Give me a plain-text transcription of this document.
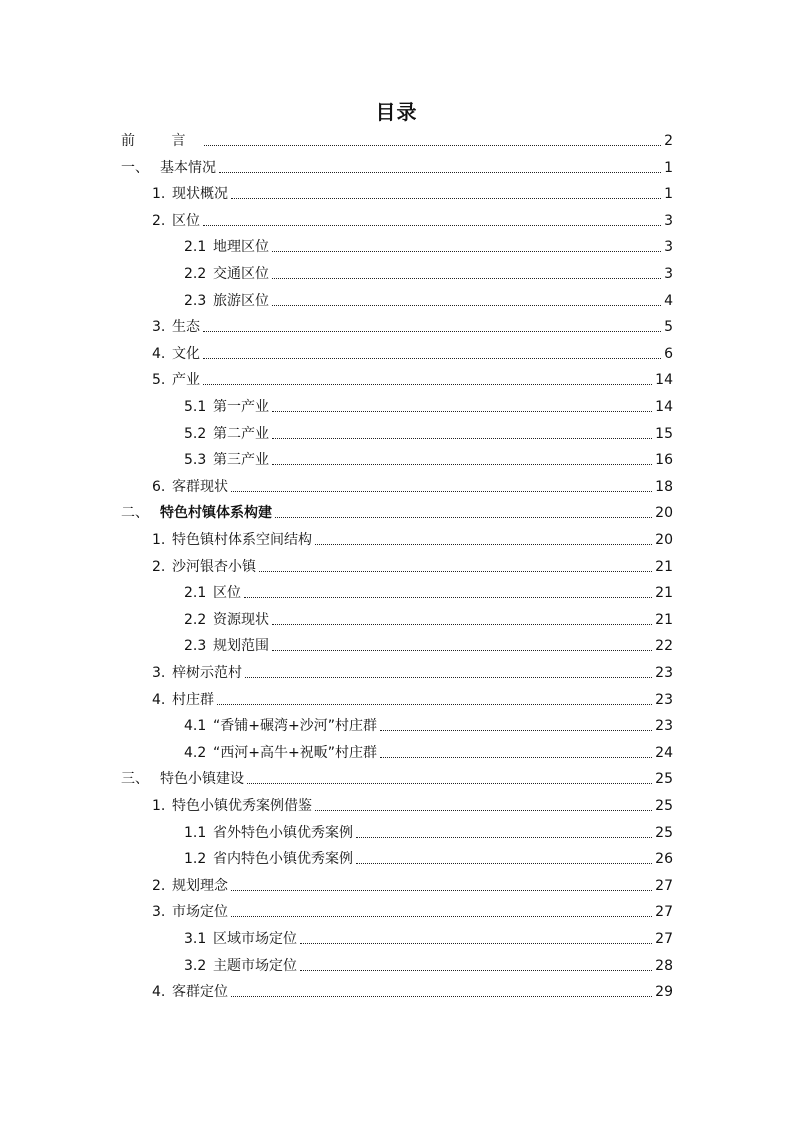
目录
前 言	2
一、 基本情况	1
1. 现状概况	1
2. 区位	3
2.1 地理区位	3
2.2 交通区位	3
2.3 旅游区位	4
3. 生态	5
4. 文化	6
5. 产业	14
5.1 第一产业	14
5.2 第二产业	15
5.3 第三产业	16
6. 客群现状	18
二、 特色村镇体系构建	20
1. 特色镇村体系空间结构	20
2. 沙河银杏小镇	21
2.1 区位	21
2.2 资源现状	21
2.3 规划范围	22
3. 梓树示范村	23
4. 村庄群	23
4.1 “香铺+碾湾+沙河”村庄群	23
4.2 “西河+高牛+祝畈”村庄群	24
三、 特色小镇建设	25
1. 特色小镇优秀案例借鉴	25
1.1 省外特色小镇优秀案例	25
1.2 省内特色小镇优秀案例	26
2. 规划理念	27
3. 市场定位	27
3.1 区域市场定位	27
3.2 主题市场定位	28
4. 客群定位	29
